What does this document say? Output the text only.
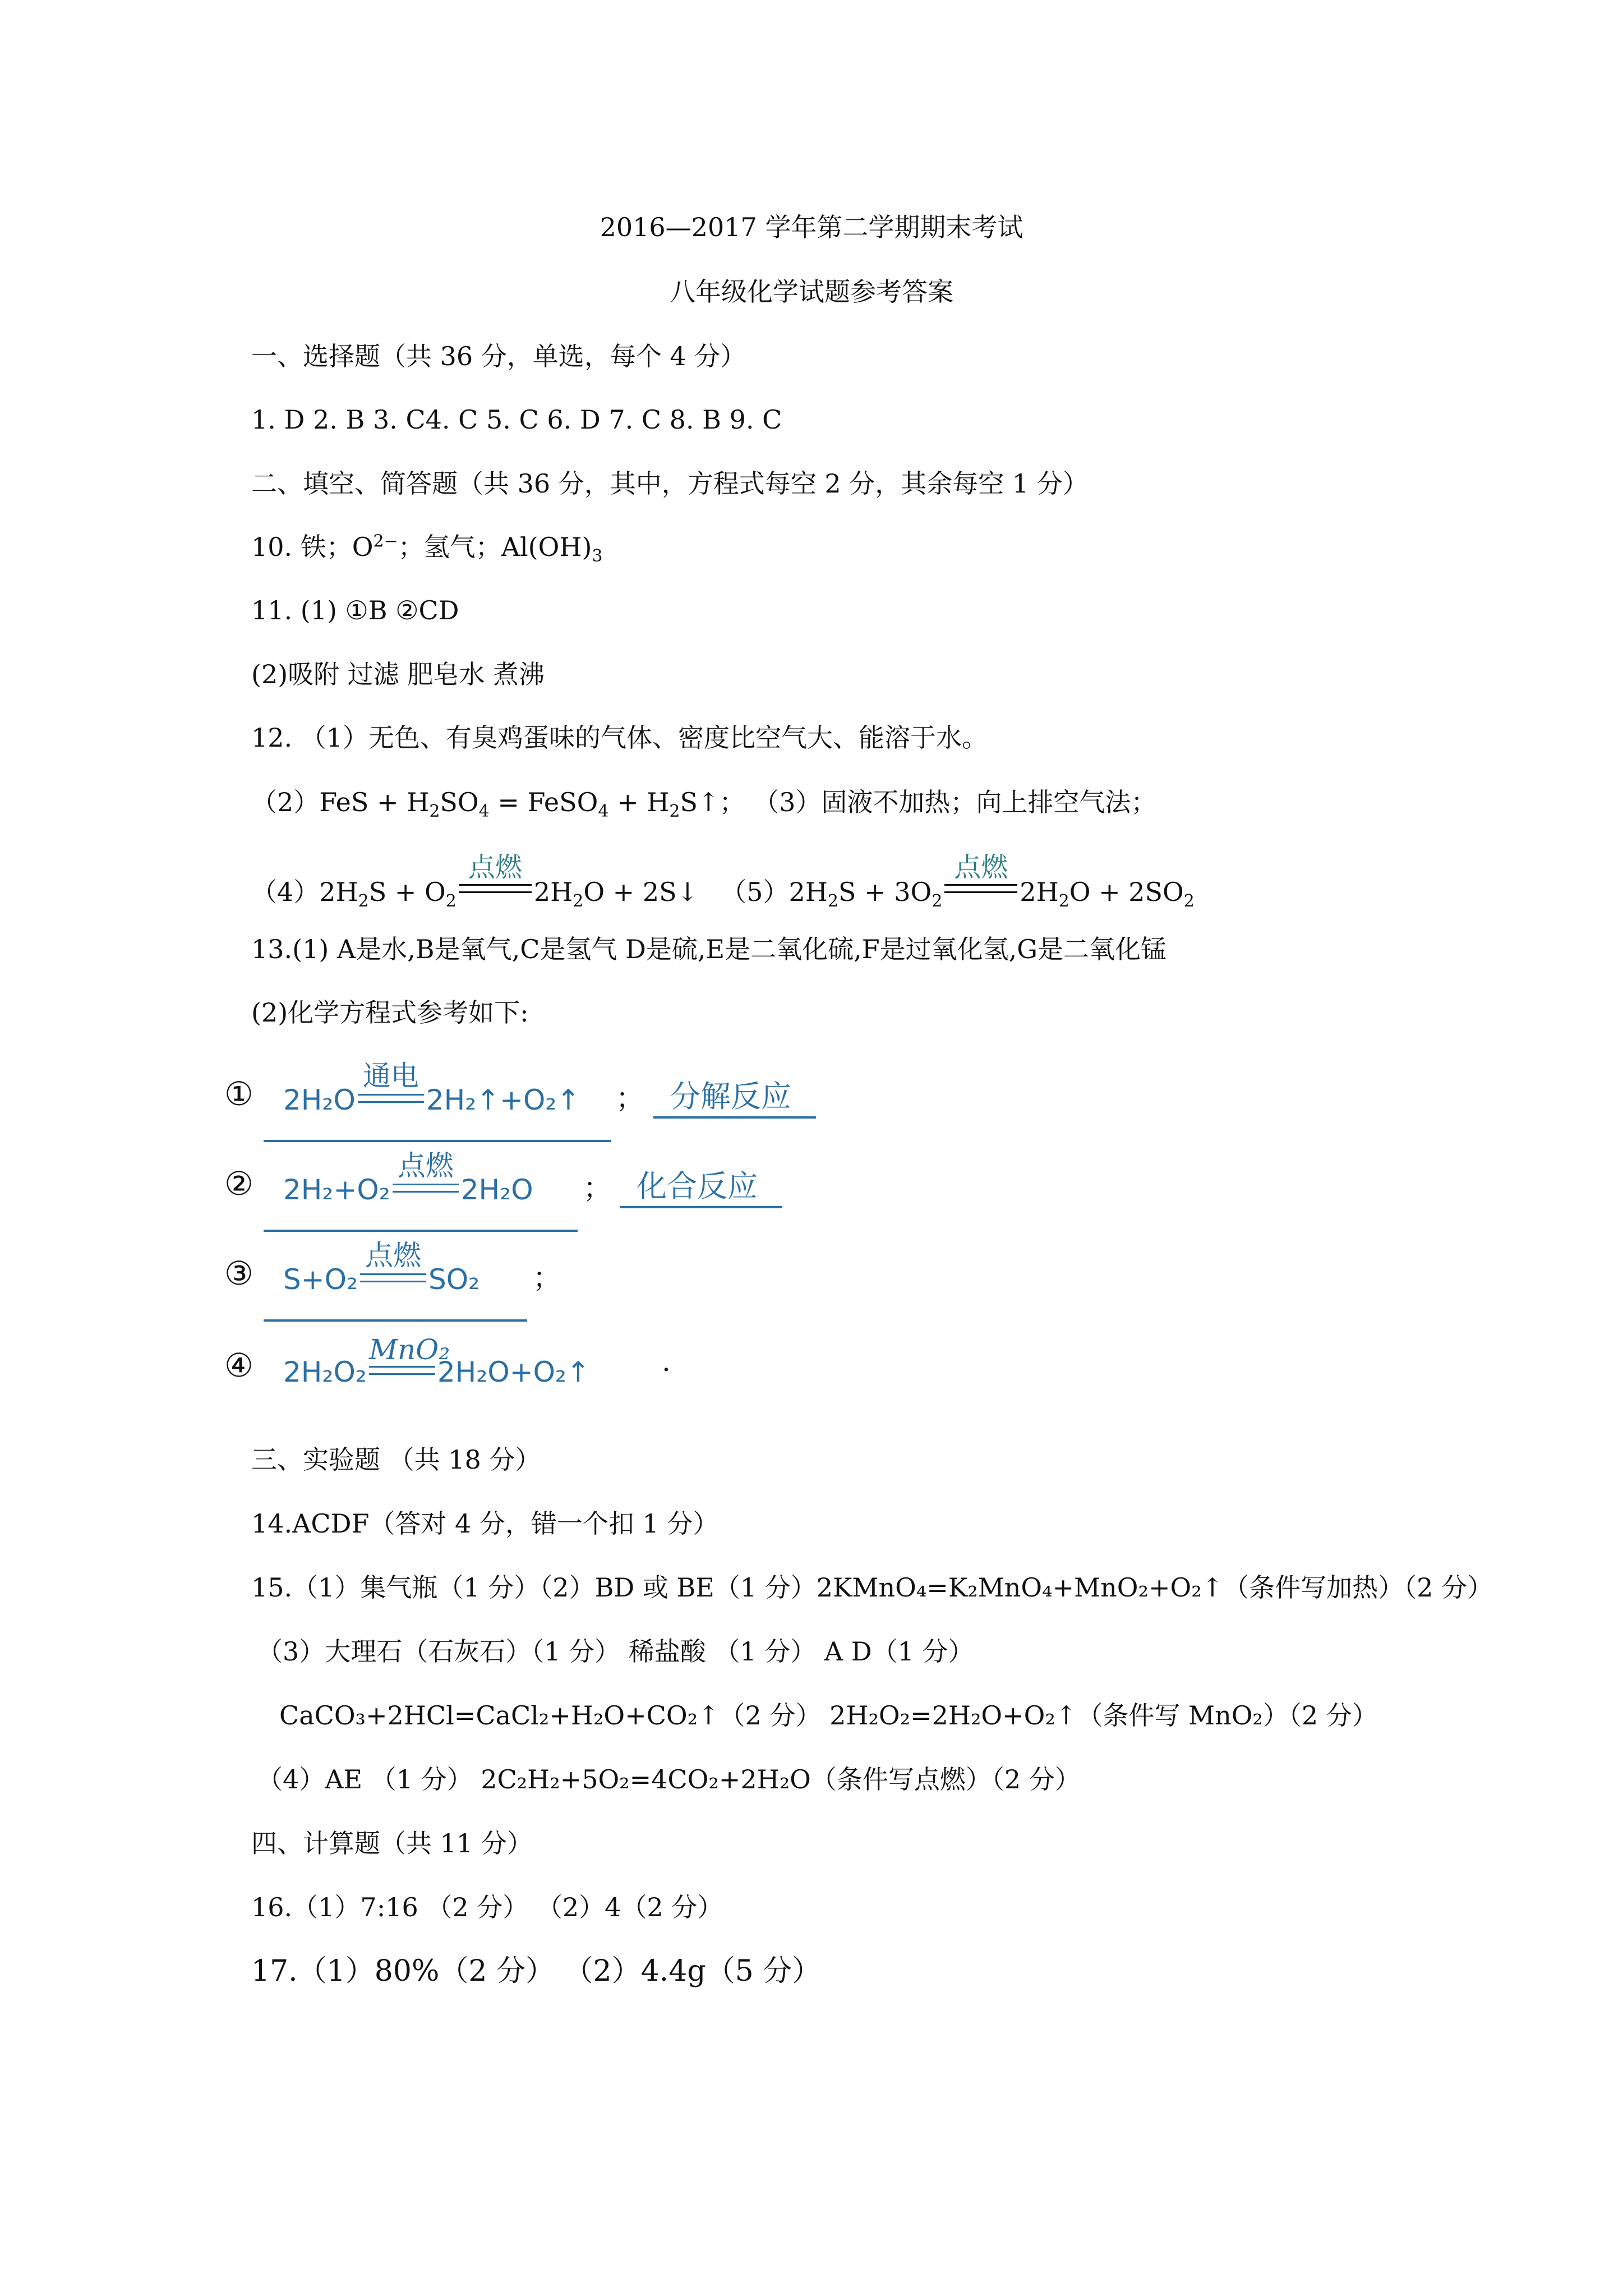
2016—2017 学年第二学期期末考试
八年级化学试题参考答案
一、选择题（共 36 分，单选，每个 4 分）
1. D 2. B 3. C4. C 5. C 6. D 7. C 8. B 9. C
二、填空、简答题（共 36 分，其中，方程式每空 2 分，其余每空 1 分）
10. 铁；$O^{2-}$；氢气；$Al(OH)_3$
11. (1) ①B ②CD
(2)吸附 过滤 肥皂水 煮沸
12. （1）无色、有臭鸡蛋味的气体、密度比空气大、能溶于水。
$(2)FeS + H_2SO_4$ = FeSO$_4$ + $H_2S↑$； （3）固液不加热；向上排空气法；
$(4)2H_2S + O_2$
点燃
$2H_2O$ + 2S↓ $(5)2H_2S + 3O_2$
点燃
$2H_2O + 2SO_2$
13.(1) A是水,B是氧气,C是氢气 D是硫,E是二氧化硫,F是过氧化氢,G是二氧化锰
(2)化学方程式参考如下:
① 2H₂O
通电
2H₂↑+O₂↑ ； 分解反应
② 2H₂+O₂
点燃
2H₂O ； 化合反应
③ S+O₂
点燃
SO₂ ；
④ 2H₂O₂
MnO₂
2H₂O+O₂↑	.
三、实验题 （共 18 分）
14.ACDF（答对 4 分，错一个扣 1 分）
15.（1）集气瓶（1 分）（2）BD 或 BE（1 分）2KMnO₄=K₂MnO₄+MnO₂+O₂↑（条件写加热）（2 分）
（3）大理石（石灰石）（1 分） 稀盐酸 （1 分） A D（1 分）
CaCO₃+2HCl=CaCl₂+H₂O+CO₂↑（2 分） 2H₂O₂=2H₂O+O₂↑（条件写 MnO₂）（2 分）
（4）AE （1 分） 2C₂H₂+5O₂=4CO₂+2H₂O（条件写点燃）（2 分）
四、计算题（共 11 分）
16.（1）7:16 （2 分） （2）4（2 分）
17.（1）80%（2 分） （2）4.4g（5 分）
